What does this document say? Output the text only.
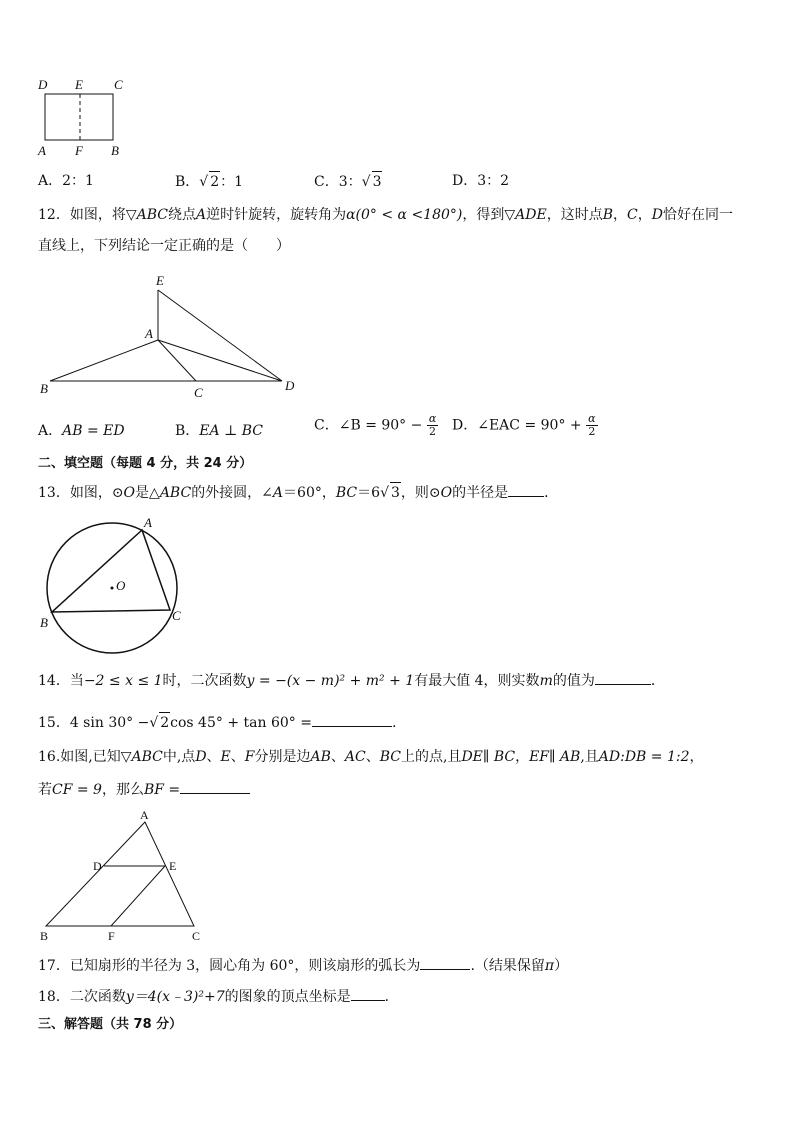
D E C
A F B
A．2：1	B．√ 2：1	C．3：√ 3	D．3：2
12．如图，将▽ABC绕点A逆时针旋转，旋转角为α(0° < α <180°)，得到▽ADE，这时点B，C，D恰好在同一
直线上，下列结论一定正确的是（　　）
E
A
B	C	D
A．AB = ED	B．EA ⊥ BC	C．∠B = $90^\circ - \frac{\alpha}{2}$ D．∠EAC = $90^\circ + \frac{\alpha}{2}$
二、填空题（每题 4 分，共 24 分）
13．如图，⊙O是△ABC的外接圆，∠A＝60°，BC＝6√ 3，则⊙O的半径是	．
A
O
B	C
14．当−2 ≤ x ≤ 1时，二次函数y = −(x − m)² + m² + 1有最大值 4，则实数m的值为	．
15．4 sin 30° −√ 2cos 45° + tan 60° =	.
16.如图,已知▽ABC中,点D、E、F分别是边AB、AC、BC上的点,且DE∥ BC，EF∥ AB,且AD:DB = 1:2，
若CF = 9，那么BF =
A
D	E
B	F	C
17．已知扇形的半径为 3，圆心角为 60°，则该扇形的弧长为	.（结果保留π）
18．二次函数y＝4(x﹣3)²+7的图象的顶点坐标是 ．
三、解答题（共 78 分）
